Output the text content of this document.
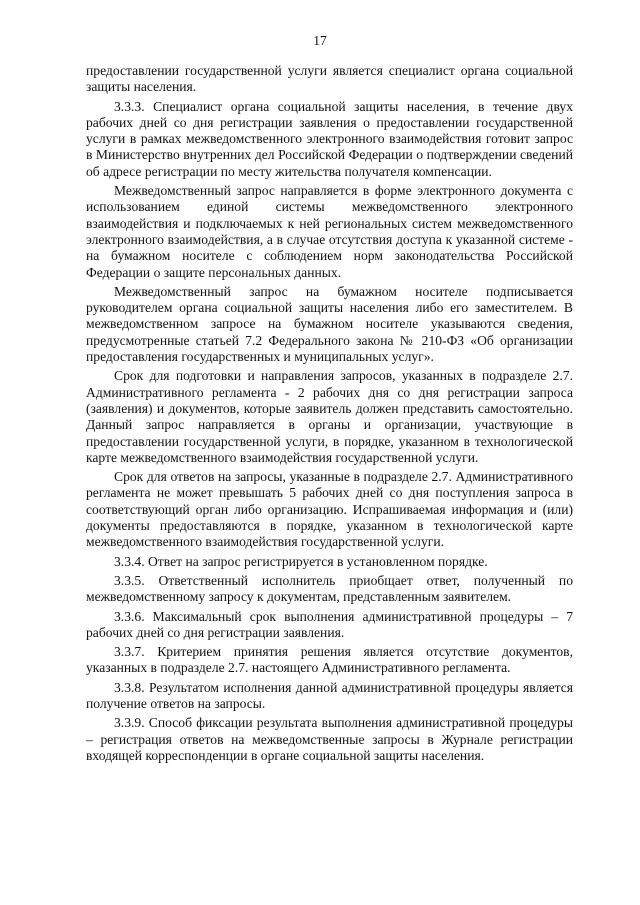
17

предоставлении государственной услуги является специалист органа социальной защиты населения.

3.3.3. Специалист органа социальной защиты населения, в течение двух рабочих дней со дня регистрации заявления о предоставлении государственной услуги в рамках межведомственного электронного взаимодействия готовит запрос в Министерство внутренних дел Российской Федерации о подтверждении сведений об адресе регистрации по месту жительства получателя компенсации.

Межведомственный запрос направляется в форме электронного документа с использованием единой системы межведомственного электронного взаимодействия и подключаемых к ней региональных систем межведомственного электронного взаимодействия, а в случае отсутствия доступа к указанной системе - на бумажном носителе с соблюдением норм законодательства Российской Федерации о защите персональных данных.

Межведомственный запрос на бумажном носителе подписывается руководителем органа социальной защиты населения либо его заместителем. В межведомственном запросе на бумажном носителе указываются сведения, предусмотренные статьей 7.2 Федерального закона № 210-ФЗ «Об организации предоставления государственных и муниципальных услуг».

Срок для подготовки и направления запросов, указанных в подразделе 2.7. Административного регламента - 2 рабочих дня со дня регистрации запроса (заявления) и документов, которые заявитель должен представить самостоятельно. Данный запрос направляется в органы и организации, участвующие в предоставлении государственной услуги, в порядке, указанном в технологической карте межведомственного взаимодействия государственной услуги.

Срок для ответов на запросы, указанные в подразделе 2.7. Административного регламента не может превышать 5 рабочих дней со дня поступления запроса в соответствующий орган либо организацию. Испрашиваемая информация и (или) документы предоставляются в порядке, указанном в технологической карте межведомственного взаимодействия государственной услуги.

3.3.4. Ответ на запрос регистрируется в установленном порядке.

3.3.5. Ответственный исполнитель приобщает ответ, полученный по межведомственному запросу к документам, представленным заявителем.

3.3.6. Максимальный срок выполнения административной процедуры – 7 рабочих дней со дня регистрации заявления.

3.3.7. Критерием принятия решения является отсутствие документов, указанных в подразделе 2.7. настоящего Административного регламента.

3.3.8. Результатом исполнения данной административной процедуры является получение ответов на запросы.

3.3.9. Способ фиксации результата выполнения административной процедуры – регистрация ответов на межведомственные запросы в Журнале регистрации входящей корреспонденции в органе социальной защиты населения.
